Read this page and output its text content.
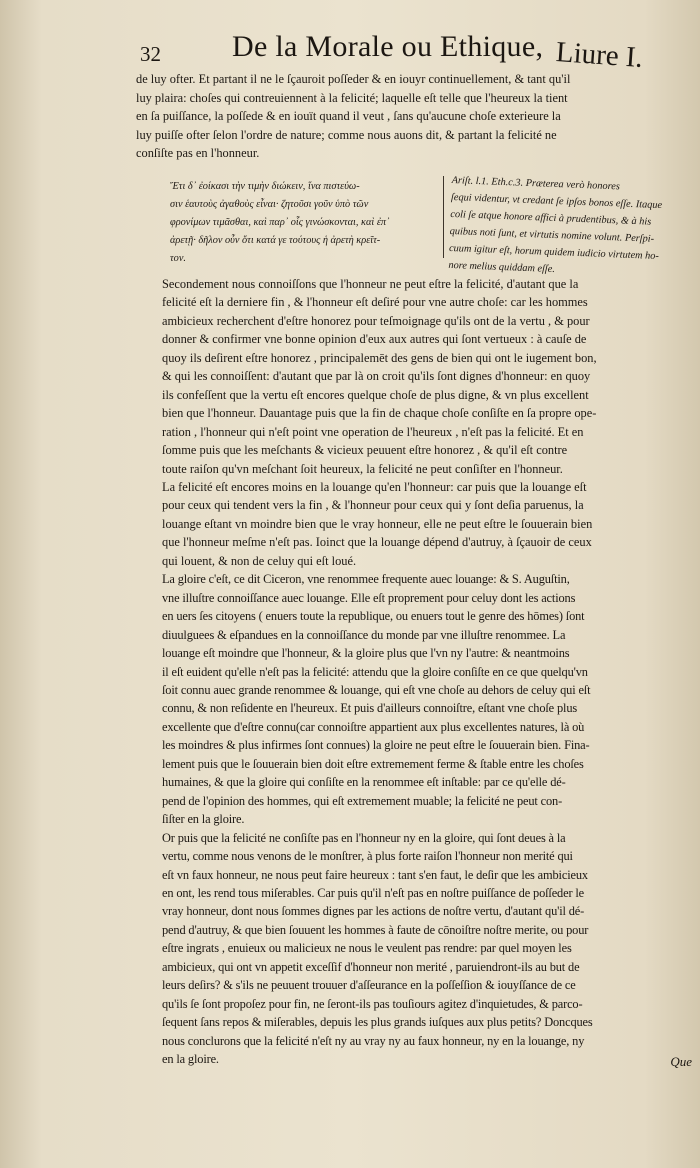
32 De la Morale ou Ethique, Liure I.
de luy ofter. Et partant il ne le ſçauroit poſſeder & en iouyr continuellement, & tant qu'il
luy plaira: choſes qui contreuiennent à la felicité; laquelle eſt telle que l'heureux la tient
en ſa puiſſance, la poſſede & en iouït quand il veut , ſans qu'aucune choſe exterieure la
luy puiſſe ofter ſelon l'ordre de nature; comme nous auons dit, & partant la felicité ne
conſiſte pas en l'honneur.
Ἔτι δ᾽ ἐοίκασι τὴν τιμὴν διώκειν, ἵνα πιστεύω-
σιν ἑαυτοὺς ἀγαθοὺς εἶναι· ζητοῦσι γοῦν ὑπὸ τῶν
φρονίμων τιμᾶσθαι, καὶ παρ᾽ οἷς γινώσκονται, καὶ ἐπ᾽
ἀρετῇ· δῆλον οὖν ὅτι κατά γε τούτους ἡ ἀρετὴ κρεῖτ-
τον.
Ariſt. l.1. Eth.c.3. Præterea verò honores
ſequi videntur, vt credant ſe ipſos bonos eſſe. Itaque
coli ſe atque honore affici à prudentibus, & à his
quibus noti ſunt, et virtutis nomine volunt. Perſpi-
cuum igitur eſt, horum quidem iudicio virtutem ho-
nore melius quiddam eſſe.
Secondement nous connoiſſons que l'honneur ne peut eſtre la felicité, d'autant que la
felicité eſt la derniere fin , & l'honneur eſt deſiré pour vne autre choſe: car les hommes
ambicieux recherchent d'eſtre honorez pour teſmoignage qu'ils ont de la vertu , & pour
donner & confirmer vne bonne opinion d'eux aux autres qui ſont vertueux : à cauſe de
quoy ils deſirent eſtre honorez , principalemēt des gens de bien qui ont le iugement bon,
& qui les connoiſſent: d'autant que par là on croit qu'ils ſont dignes d'honneur: en quoy
ils confeſſent que la vertu eſt encores quelque choſe de plus digne, & vn plus excellent
bien que l'honneur. Dauantage puis que la fin de chaque choſe conſiſte en ſa propre ope-
ration , l'honneur qui n'eſt point vne operation de l'heureux , n'eſt pas la felicité. Et en
ſomme puis que les meſchants & vicieux peuuent eſtre honorez , & qu'il eſt contre
toute raiſon qu'vn meſchant ſoit heureux, la felicité ne peut conſiſter en l'honneur.
La felicité eſt encores moins en la louange qu'en l'honneur: car puis que la louange eſt
pour ceux qui tendent vers la fin , & l'honneur pour ceux qui y ſont deſia paruenus, la
louange eſtant vn moindre bien que le vray honneur, elle ne peut eſtre le ſouuerain bien
que l'honneur meſme n'eſt pas. Ioinct que la louange dépend d'autruy, à ſçauoir de ceux
qui louent, & non de celuy qui eſt loué.
La gloire c'eſt, ce dit Ciceron, vne renommee frequente auec louange: & S. Auguſtin,
vne illuſtre connoiſſance auec louange. Elle eſt proprement pour celuy dont les actions
en uers ſes citoyens ( enuers toute la republique, ou enuers tout le genre des hōmes) ſont
diuulguees & eſpandues en la connoiſſance du monde par vne illuſtre renommee. La
louange eſt moindre que l'honneur, & la gloire plus que l'vn ny l'autre: & neantmoins
il eſt euident qu'elle n'eſt pas la felicité: attendu que la gloire conſiſte en ce que quelqu'vn
ſoit connu auec grande renommee & louange, qui eſt vne choſe au dehors de celuy qui eſt
connu, & non reſidente en l'heureux. Et puis d'ailleurs connoiſtre, eſtant vne choſe plus
excellente que d'eſtre connu(car connoiſtre appartient aux plus excellentes natures, là où
les moindres & plus infirmes ſont connues) la gloire ne peut eſtre le ſouuerain bien. Fina-
lement puis que le ſouuerain bien doit eſtre extremement ferme & ſtable entre les choſes
humaines, & que la gloire qui conſiſte en la renommee eſt inſtable: par ce qu'elle dé-
pend de l'opinion des hommes, qui eſt extremement muable; la felicité ne peut con-
ſiſter en la gloire.
Or puis que la felicité ne conſiſte pas en l'honneur ny en la gloire, qui ſont deues à la
vertu, comme nous venons de le monſtrer, à plus forte raiſon l'honneur non merité qui
eſt vn faux honneur, ne nous peut faire heureux : tant s'en faut, le deſir que les ambicieux
en ont, les rend tous miſerables. Car puis qu'il n'eſt pas en noſtre puiſſance de poſſeder le
vray honneur, dont nous ſommes dignes par les actions de noſtre vertu, d'autant qu'il dé-
pend d'autruy, & que bien ſouuent les hommes à faute de cōnoiſtre noſtre merite, ou pour
eſtre ingrats , enuieux ou malicieux ne nous le veulent pas rendre: par quel moyen les
ambicieux, qui ont vn appetit exceſſif d'honneur non merité , paruiendront-ils au but de
leurs deſirs? & s'ils ne peuuent trouuer d'aſſeurance en la poſſeſſion & iouyſſance de ce
qu'ils ſe ſont propoſez pour fin, ne ſeront-ils pas touſiours agitez d'inquietudes, & parco-
ſequent ſans repos & miſerables, depuis les plus grands iuſques aux plus petits? Doncques
nous conclurons que la felicité n'eſt ny au vray ny au faux honneur, ny en la louange, ny
en la gloire.	Que
